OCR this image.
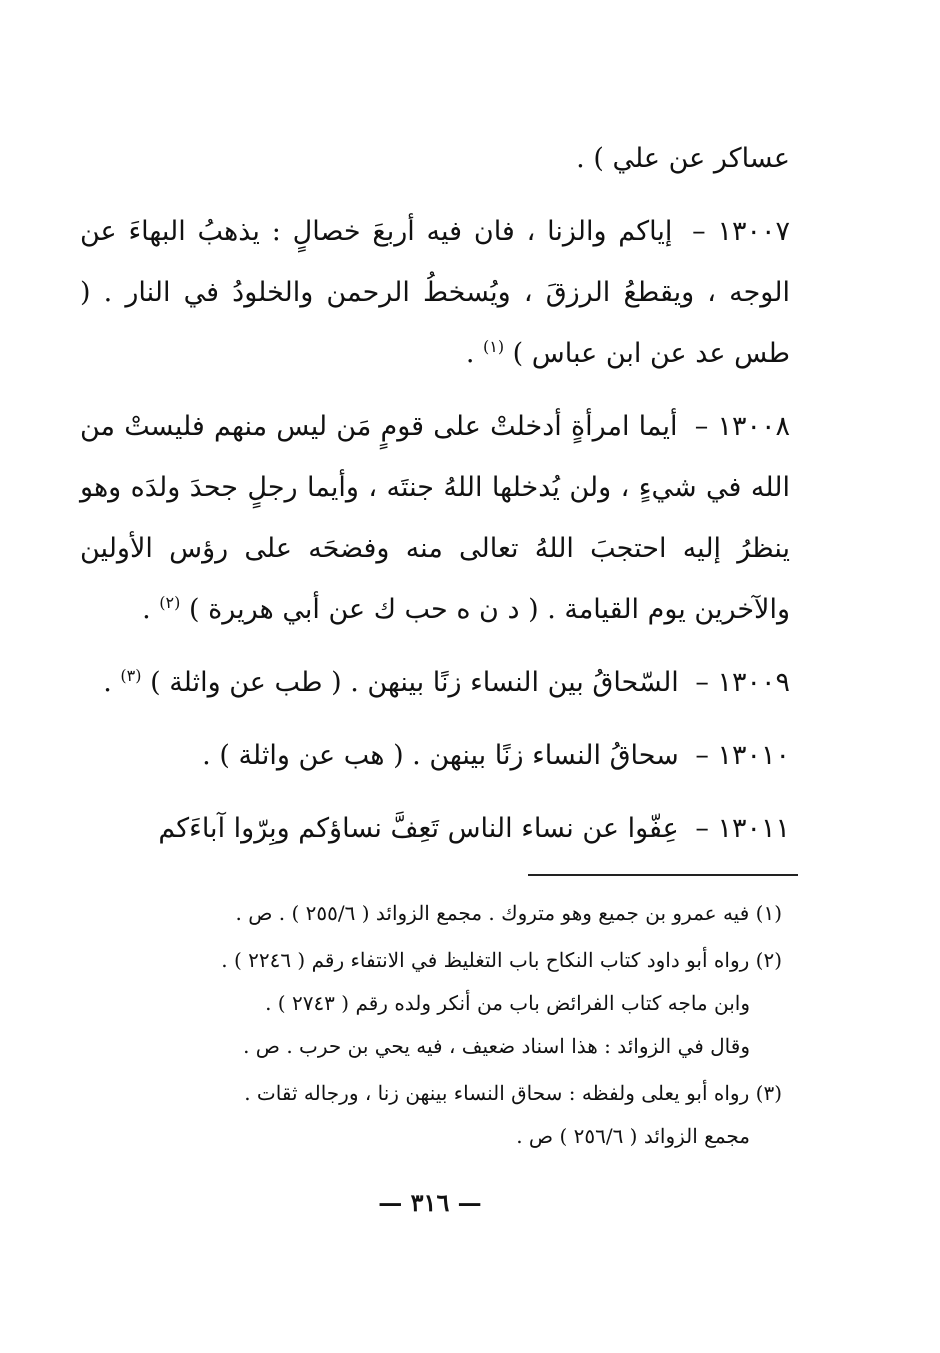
عساكر عن علي ) .

١٣٠٠٧ – إياكم والزنا ، فان فيه أربعَ خصالٍ : يذهبُ البهاءَ عن الوجه ، ويقطعُ الرزقَ ، ويُسخطُ الرحمن والخلودُ في النار . ( طس عد عن ابن عباس ) $^{(١)}$ .

١٣٠٠٨ – أيما امرأةٍ أدخلتْ على قومٍ مَن ليس منهم فليستْ من الله في شيءٍ ، ولن يُدخلها اللهُ جنتَه ، وأيما رجلٍ جحدَ ولدَه وهو ينظرُ إليه احتجبَ اللهُ تعالى منه وفضحَه على رؤس الأولين والآخرين يوم القيامة . ( د ن ه حب ك عن أبي هريرة ) $^{(٢)}$ .

١٣٠٠٩ – السّحاقُ بين النساء زنًا بينهن . ( طب عن واثلة ) $^{(٣)}$ .

١٣٠١٠ – سحاقُ النساء زنًا بينهن . ( هب عن واثلة ) .

١٣٠١١ – عِفّوا عن نساء الناس تَعِفَّ نساؤكم وبِرّوا آباءَكم

(١) فيه عمرو بن جميع وهو متروك . مجمع الزوائد ( ٢٥٥/٦ ) . ص .

(٢) رواه أبو داود كتاب النكاح باب التغليظ في الانتفاء رقم ( ٢٢٤٦ ) .
وابن ماجه كتاب الفرائض باب من أنكر ولده رقم ( ٢٧٤٣ ) .
وقال في الزوائد : هذا اسناد ضعيف ، فيه يحي بن حرب . ص .

(٣) رواه أبو يعلى ولفظه : سحاق النساء بينهن زنا ، ورجاله ثقات .
مجمع الزوائد ( ٢٥٦/٦ ) ص .

— ٣١٦ —
